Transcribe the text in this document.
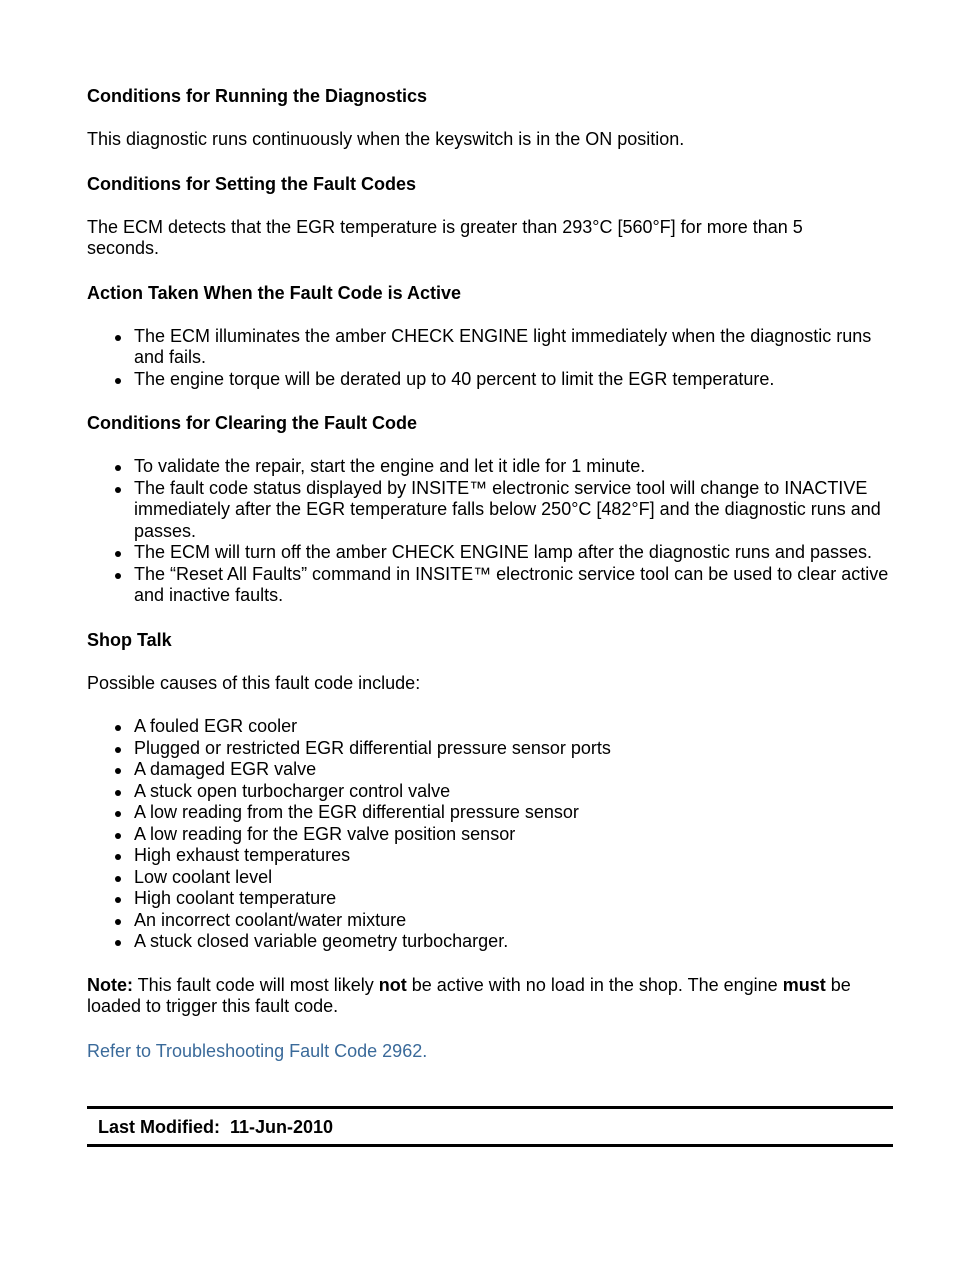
Conditions for Running the Diagnostics

This diagnostic runs continuously when the keyswitch is in the ON position.

Conditions for Setting the Fault Codes

The ECM detects that the EGR temperature is greater than 293°C [560°F] for more than 5 seconds.

Action Taken When the Fault Code is Active
The ECM illuminates the amber CHECK ENGINE light immediately when the diagnostic runs and fails.
The engine torque will be derated up to 40 percent to limit the EGR temperature.
Conditions for Clearing the Fault Code
To validate the repair, start the engine and let it idle for 1 minute.
The fault code status displayed by INSITE™ electronic service tool will change to INACTIVE immediately after the EGR temperature falls below 250°C [482°F] and the diagnostic runs and passes.
The ECM will turn off the amber CHECK ENGINE lamp after the diagnostic runs and passes.
The “Reset All Faults” command in INSITE™ electronic service tool can be used to clear active and inactive faults.
Shop Talk

Possible causes of this fault code include:

A fouled EGR cooler
Plugged or restricted EGR differential pressure sensor ports
A damaged EGR valve
A stuck open turbocharger control valve
A low reading from the EGR differential pressure sensor
A low reading for the EGR valve position sensor
High exhaust temperatures
Low coolant level
High coolant temperature
An incorrect coolant/water mixture
A stuck closed variable geometry turbocharger.

Note: This fault code will most likely not be active with no load in the shop. The engine must be loaded to trigger this fault code.

Refer to Troubleshooting Fault Code 2962.
Last Modified:  11-Jun-2010
